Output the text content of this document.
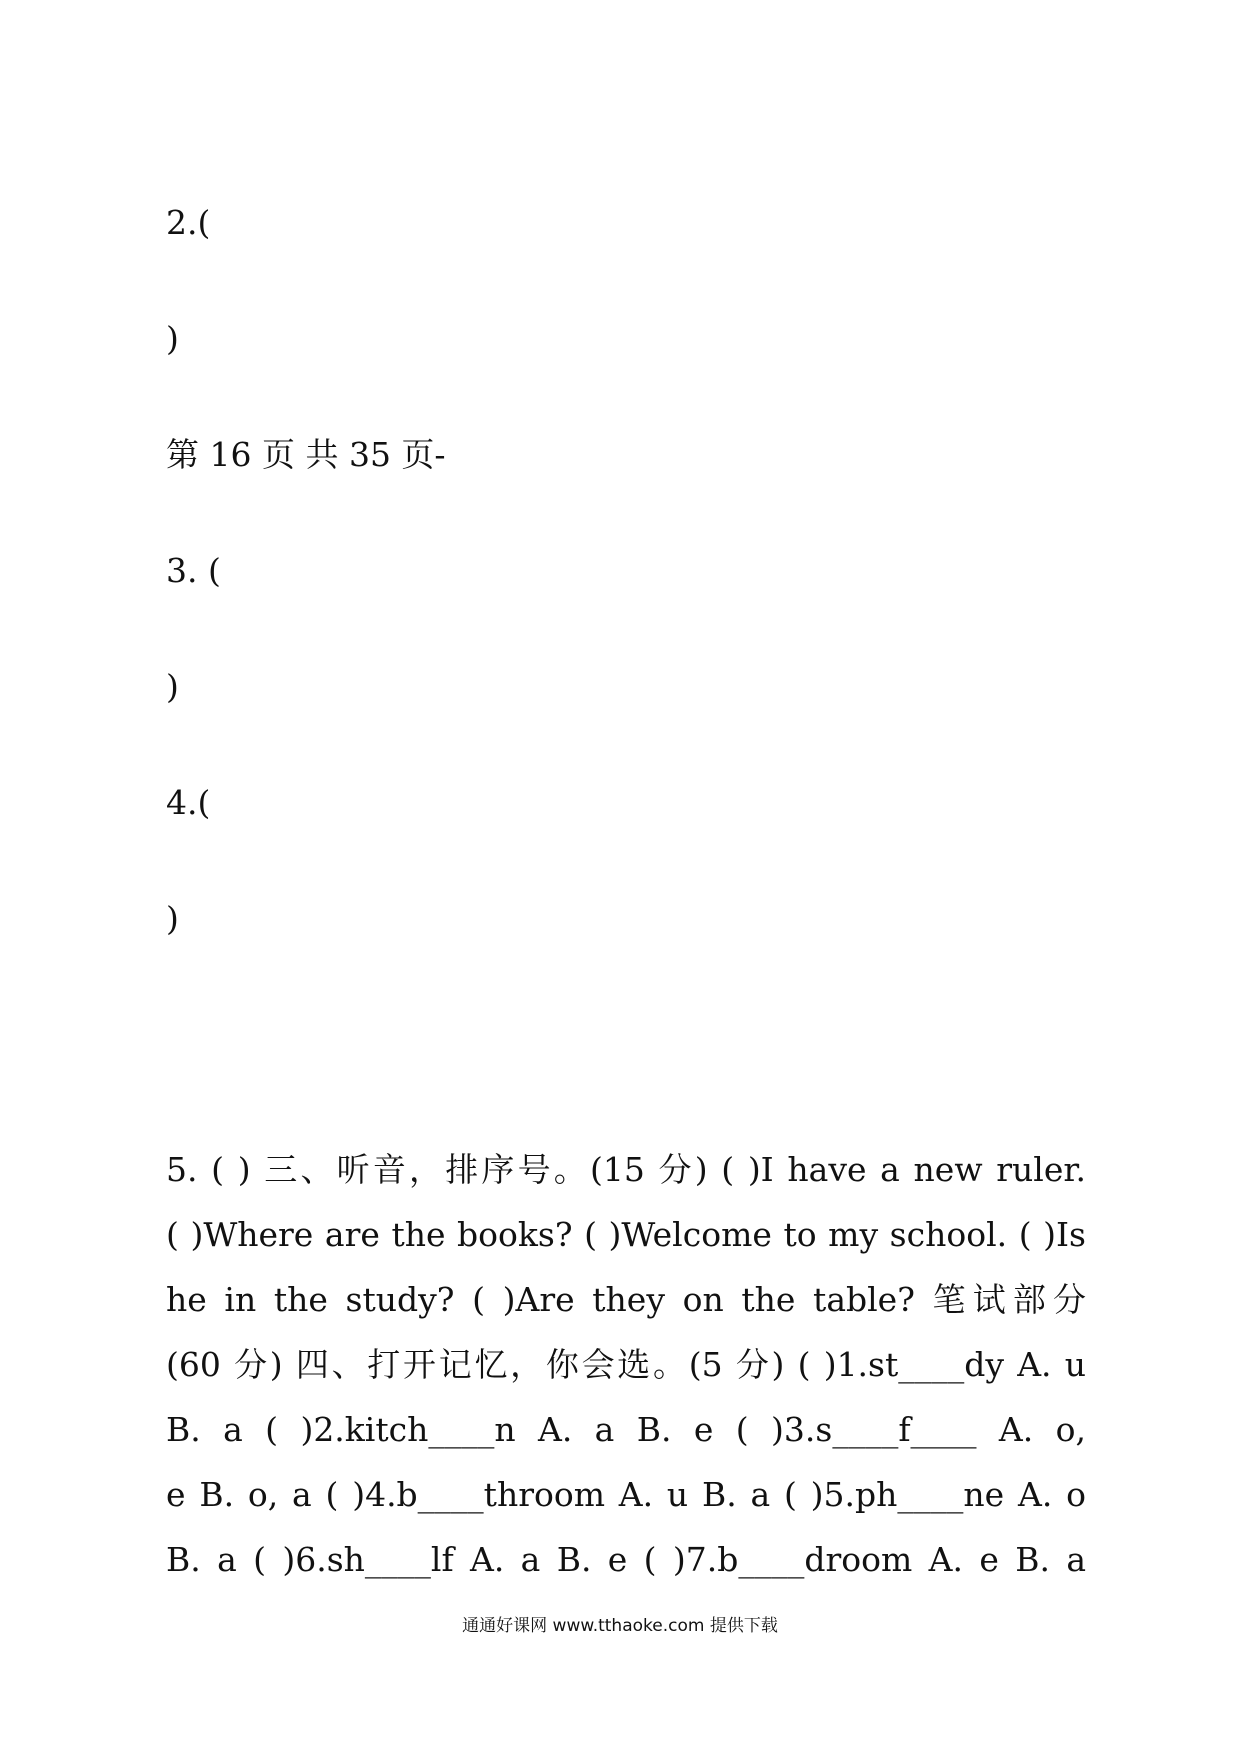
2.(
)
第 16 页 共 35 页-
3. (
)
4.(
)
5. ( ) 三、听音，排序号。(15 分) ( )I have a new ruler.
( )Where are the books? ( )Welcome to my school. ( )Is
he in the study? ( )Are they on the table? 笔试部分
(60 分) 四、打开记忆，你会选。(5 分) ( )1.st____dy A. u
B. a ( )2.kitch____n A. a B. e ( )3.s____f____ A. o,
e B. o, a ( )4.b____throom A. u B. a ( )5.ph____ne A. o
B. a ( )6.sh____lf A. a B. e ( )7.b____droom A. e B. a
通通好课网 www.tthaoke.com 提供下载
